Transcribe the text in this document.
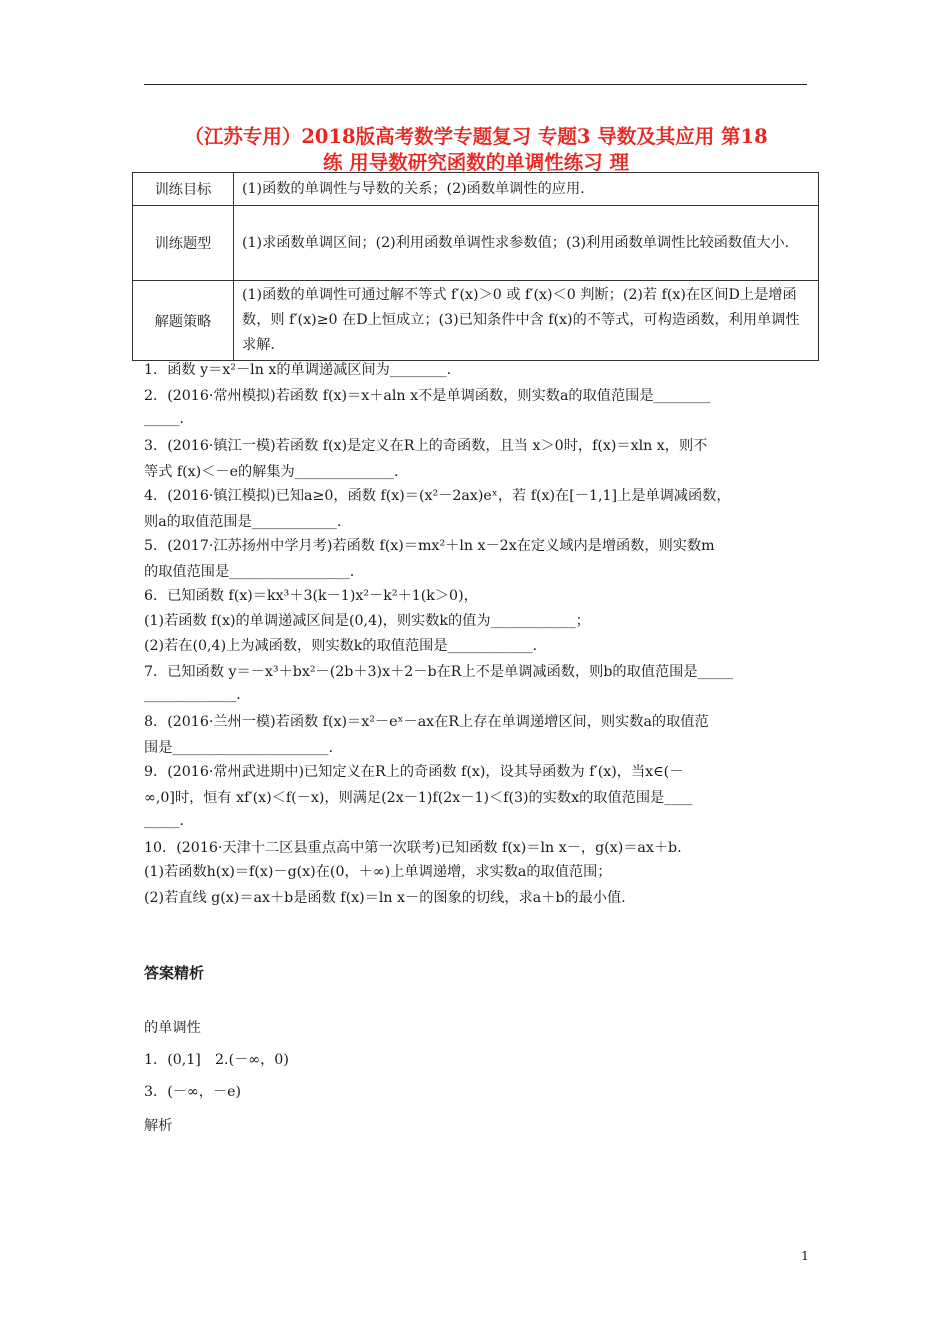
（江苏专用）2018版高考数学专题复习 专题3 导数及其应用 第18
练 用导数研究函数的单调性练习 理
训练目标	(1)函数的单调性与导数的关系；(2)函数单调性的应用.
训练题型	(1)求函数单调区间；(2)利用函数单调性求参数值；(3)利用函数单调性比较函数值大小.
解题策略	(1)函数的单调性可通过解不等式 f′(x)＞0 或 f′(x)＜0 判断；(2)若 f(x)在区间D上是增函数，则 f′(x)≥0 在D上恒成立；(3)已知条件中含 f(x)的不等式，可构造函数，利用单调性求解.
1．函数 y＝x²－ln x的单调递减区间为________.
2．(2016·常州模拟)若函数 f(x)＝x＋aln x不是单调函数，则实数a的取值范围是________
_____.
3．(2016·镇江一模)若函数 f(x)是定义在R上的奇函数，且当 x＞0时，f(x)＝xln x，则不
等式 f(x)＜－e的解集为______________.
4．(2016·镇江模拟)已知a≥0，函数 f(x)＝(x²－2ax)eˣ，若 f(x)在[－1,1]上是单调减函数，
则a的取值范围是____________.
5．(2017·江苏扬州中学月考)若函数 f(x)＝mx²＋ln x－2x在定义域内是增函数，则实数m
的取值范围是_________________.
6．已知函数 f(x)＝kx³＋3(k－1)x²－k²＋1(k＞0)，
(1)若函数 f(x)的单调递减区间是(0,4)，则实数k的值为____________；
(2)若在(0,4)上为减函数，则实数k的取值范围是____________.
7．已知函数 y＝－x³＋bx²－(2b＋3)x＋2－b在R上不是单调减函数，则b的取值范围是_____
_____________.
8．(2016·兰州一模)若函数 f(x)＝x²－eˣ－ax在R上存在单调递增区间，则实数a的取值范
围是______________________.
9．(2016·常州武进期中)已知定义在R上的奇函数 f(x)，设其导函数为 f′(x)，当x∈(－
∞,0]时，恒有 xf′(x)＜f(－x)，则满足(2x－1)f(2x－1)＜f(3)的实数x的取值范围是____
_____.
10．(2016·天津十二区县重点高中第一次联考)已知函数 f(x)＝ln x－，g(x)＝ax＋b.
(1)若函数h(x)＝f(x)－g(x)在(0，＋∞)上单调递增，求实数a的取值范围；
(2)若直线 g(x)＝ax＋b是函数 f(x)＝ln x－的图象的切线，求a＋b的最小值.
答案精析
的单调性
1．(0,1]　2.(－∞，0)
3．(－∞，－e)
解析
1
